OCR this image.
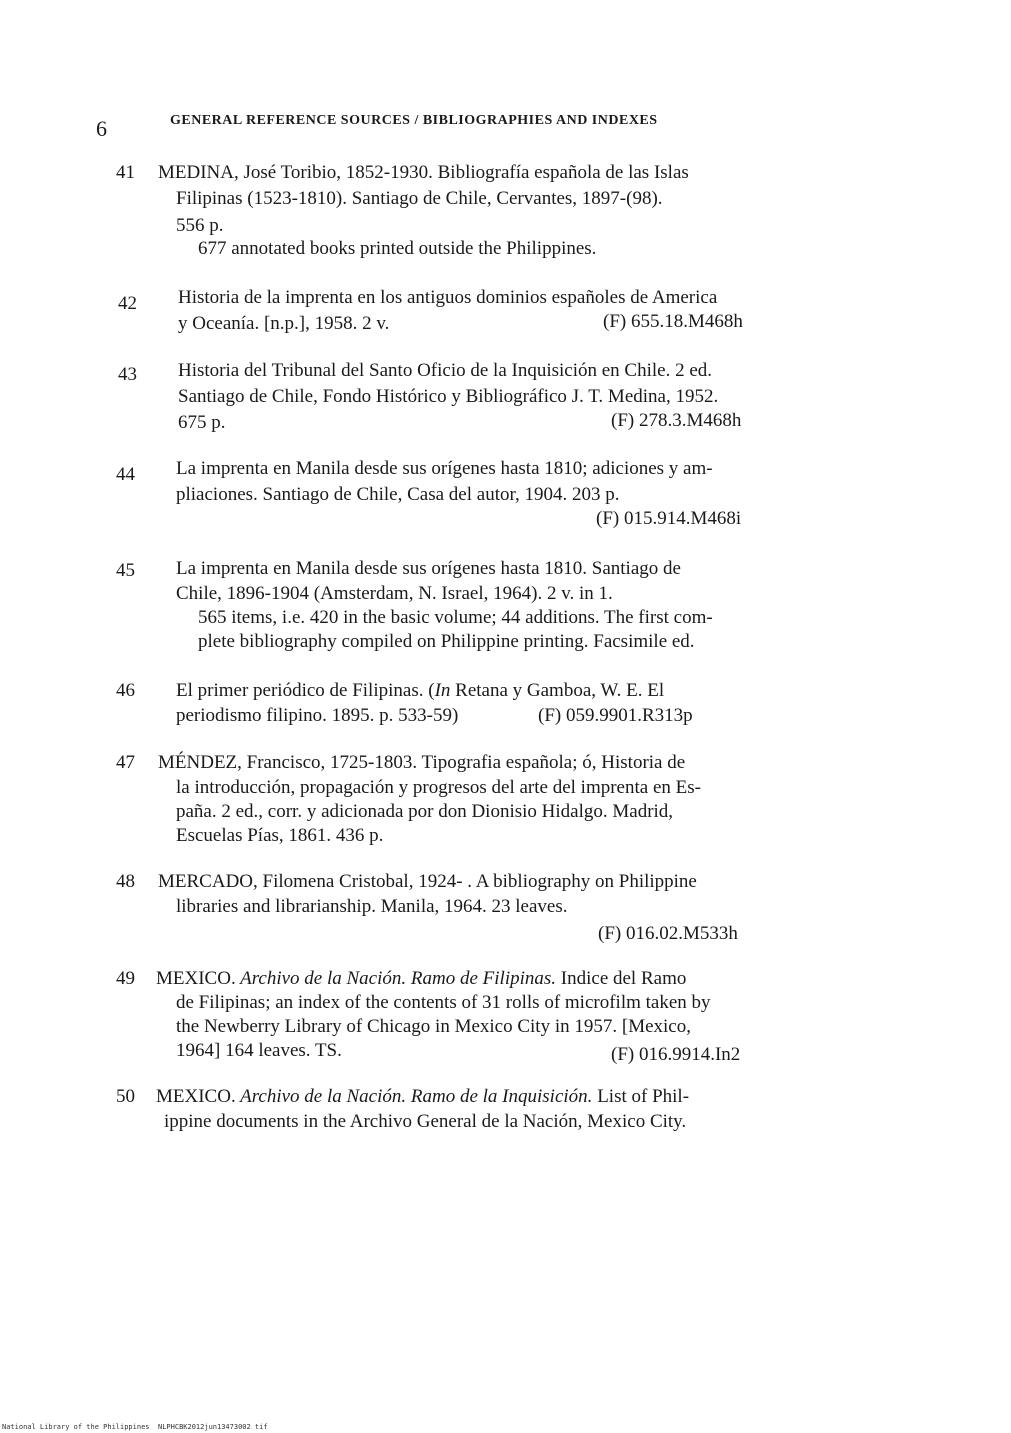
6	GENERAL REFERENCE SOURCES / BIBLIOGRAPHIES AND INDEXES
41 MEDINA, José Toribio, 1852-1930. Bibliografía española de las Islas
Filipinas (1523-1810). Santiago de Chile, Cervantes, 1897-(98).
556 p.
677 annotated books printed outside the Philippines.
42 Historia de la imprenta en los antiguos dominios españoles de America
y Oceanía. [n.p.], 1958. 2 v.	(F) 655.18.M468h
43 Historia del Tribunal del Santo Oficio de la Inquisición en Chile. 2 ed.
Santiago de Chile, Fondo Histórico y Bibliográfico J. T. Medina, 1952.
675 p.	(F) 278.3.M468h
44 La imprenta en Manila desde sus orígenes hasta 1810; adiciones y am-
pliaciones. Santiago de Chile, Casa del autor, 1904. 203 p.
(F) 015.914.M468i
45 La imprenta en Manila desde sus orígenes hasta 1810. Santiago de
Chile, 1896-1904 (Amsterdam, N. Israel, 1964). 2 v. in 1.
565 items, i.e. 420 in the basic volume; 44 additions. The first com-
plete bibliography compiled on Philippine printing. Facsimile ed.
46 El primer periódico de Filipinas. (In Retana y Gamboa, W. E. El
periodismo filipino. 1895. p. 533-59)	(F) 059.9901.R313p
47 MÉNDEZ, Francisco, 1725-1803. Tipografia española; ó, Historia de
la introducción, propagación y progresos del arte del imprenta en Es-
paña. 2 ed., corr. y adicionada por don Dionisio Hidalgo. Madrid,
Escuelas Pías, 1861. 436 p.
48 MERCADO, Filomena Cristobal, 1924- . A bibliography on Philippine
libraries and librarianship. Manila, 1964. 23 leaves.
(F) 016.02.M533h
49 MEXICO. Archivo de la Nación. Ramo de Filipinas. Indice del Ramo
de Filipinas; an index of the contents of 31 rolls of microfilm taken by
the Newberry Library of Chicago in Mexico City in 1957. [Mexico,
1964] 164 leaves. TS.	(F) 016.9914.In2
50 MEXICO. Archivo de la Nación. Ramo de la Inquisición. List of Phil-
ippine documents in the Archivo General de la Nación, Mexico City.
National Library of the Philippines NLPHCBK2012jun13473002 tif
